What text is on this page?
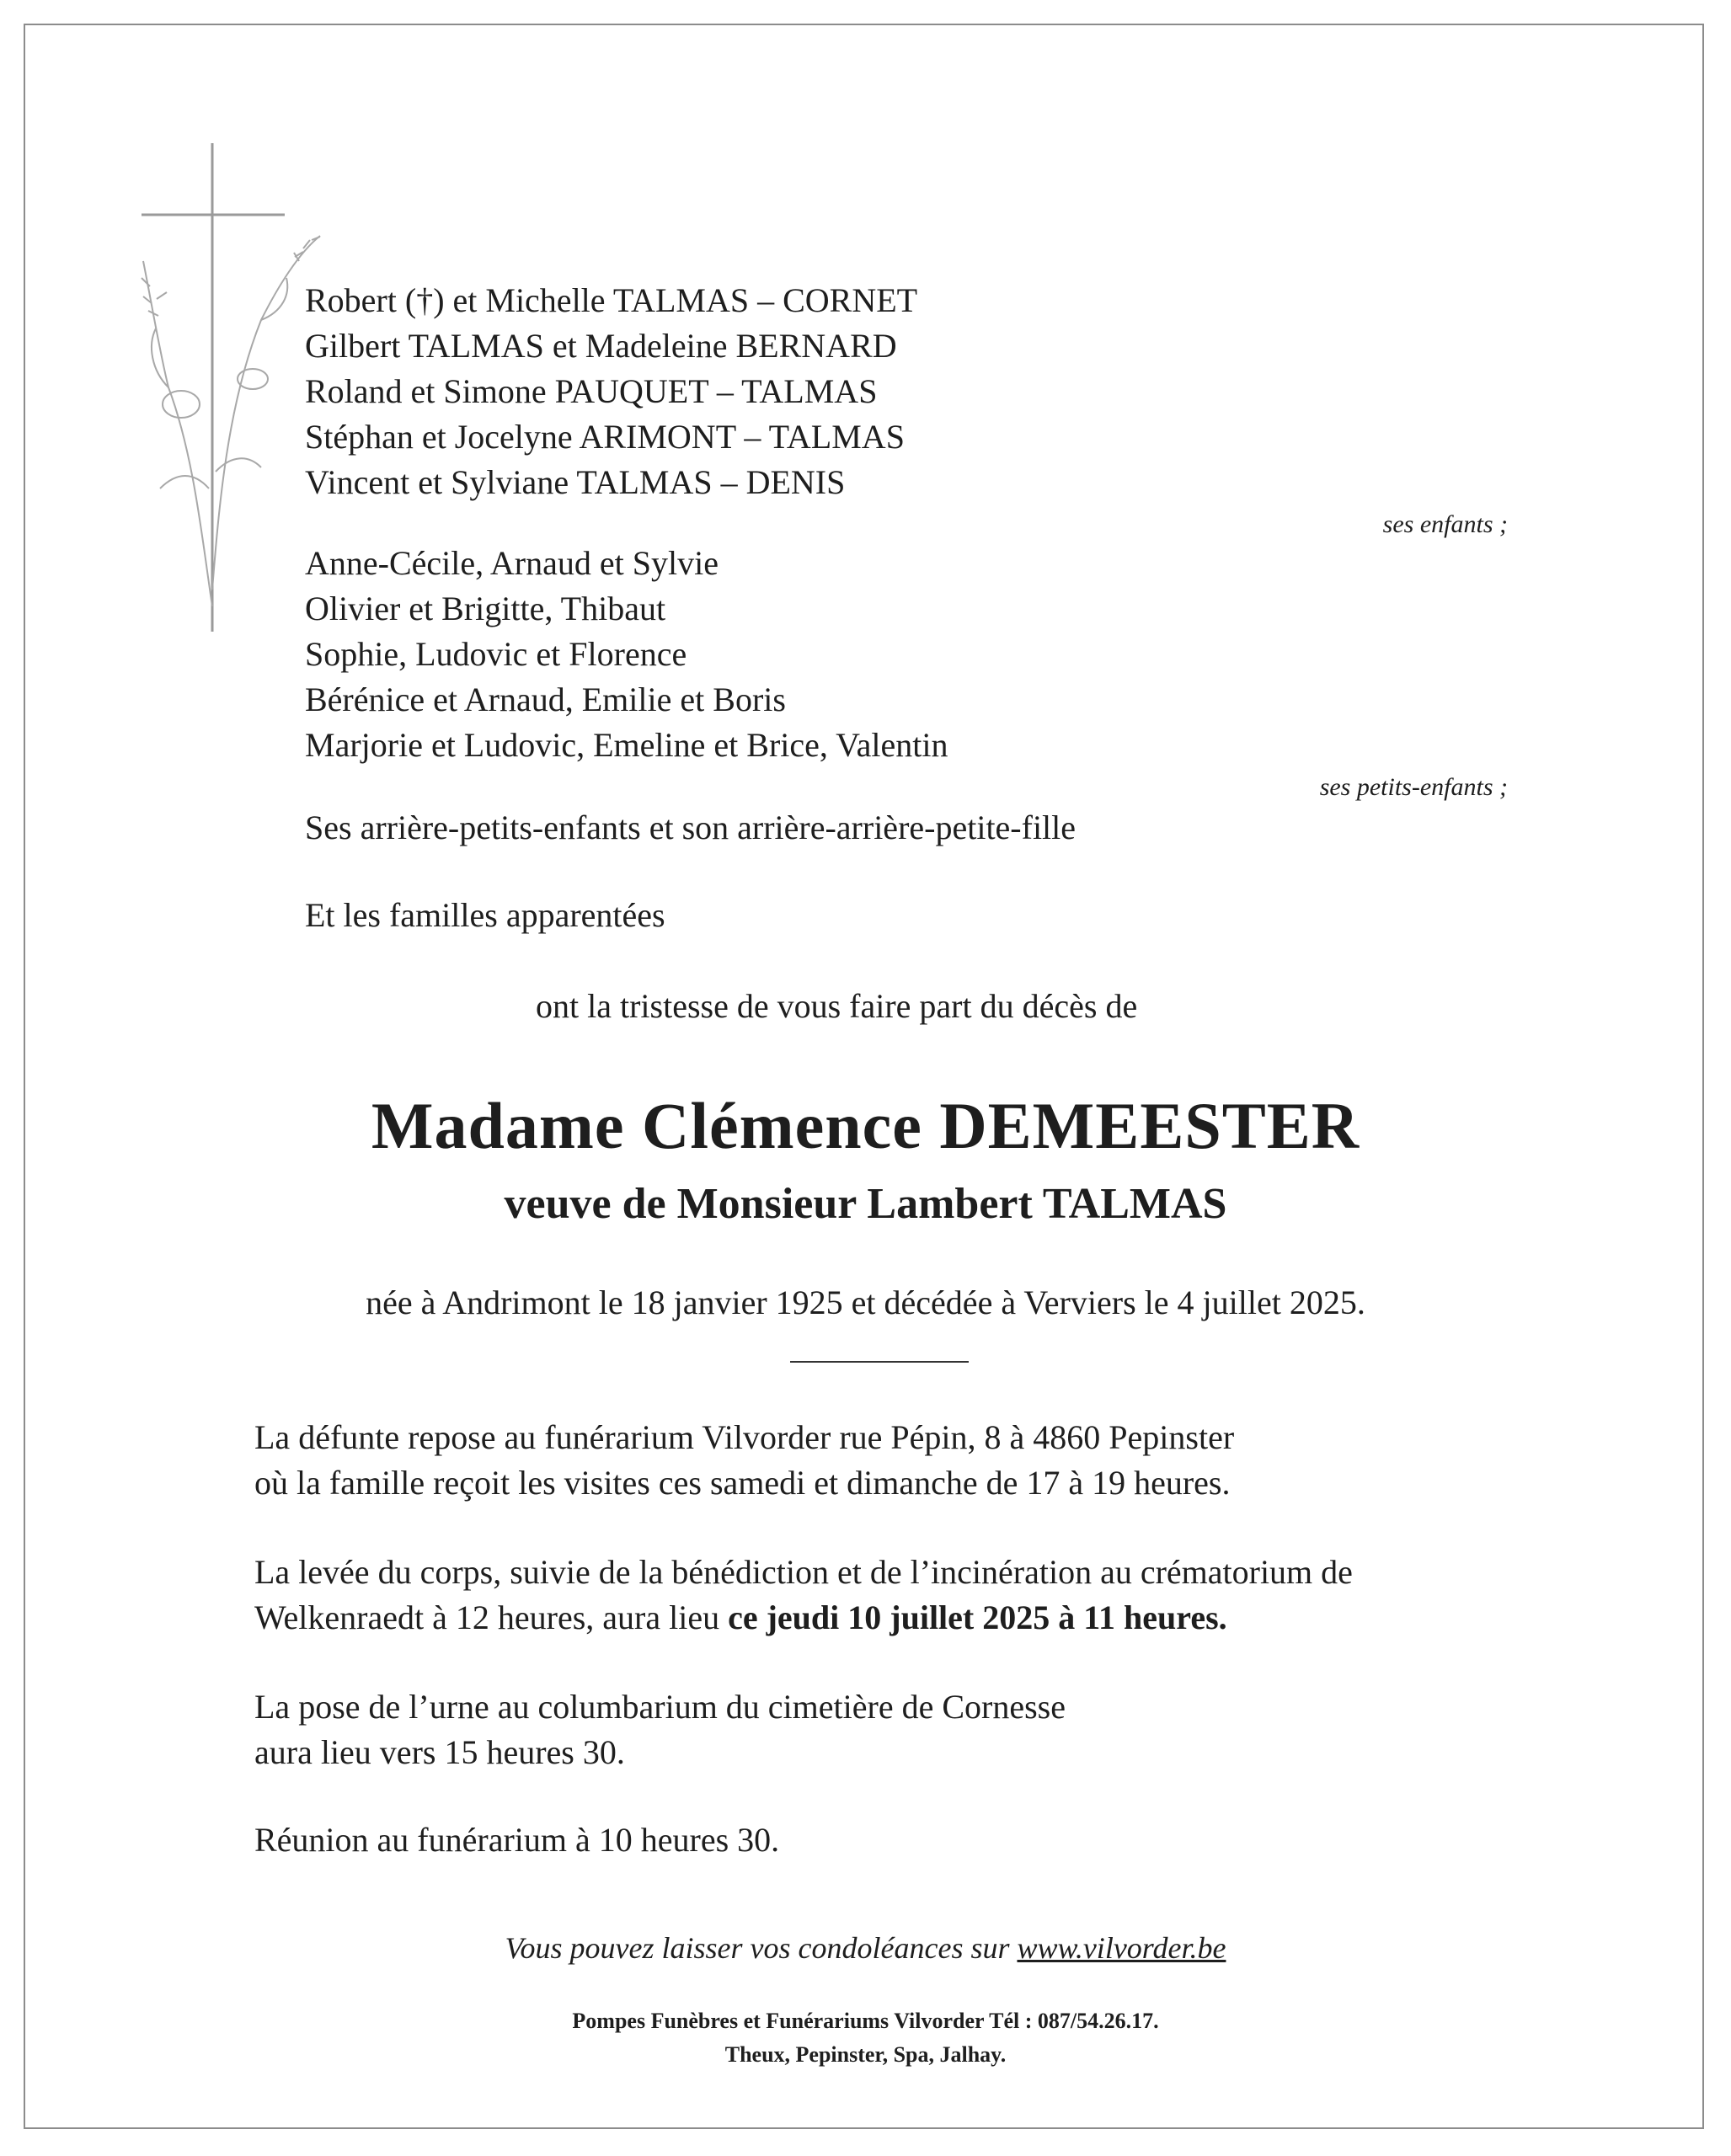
Robert (†) et Michelle TALMAS – CORNET
Gilbert TALMAS et Madeleine BERNARD
Roland et Simone PAUQUET – TALMAS
Stéphan et Jocelyne ARIMONT – TALMAS
Vincent et Sylviane TALMAS – DENIS
ses enfants ;
Anne-Cécile, Arnaud et Sylvie
Olivier et Brigitte, Thibaut
Sophie, Ludovic et Florence
Bérénice et Arnaud, Emilie et Boris
Marjorie et Ludovic, Emeline et Brice, Valentin
ses petits-enfants ;
Ses arrière-petits-enfants et son arrière-arrière-petite-fille
Et les familles apparentées
ont la tristesse de vous faire part du décès de
Madame Clémence DEMEESTER
veuve de Monsieur Lambert TALMAS
née à Andrimont le 18 janvier 1925 et décédée à Verviers le 4 juillet 2025.
La défunte repose au funérarium Vilvorder rue Pépin, 8 à 4860 Pepinster
où la famille reçoit les visites ces samedi et dimanche de 17 à 19 heures.
La levée du corps, suivie de la bénédiction et de l’incinération au crématorium de
Welkenraedt à 12 heures, aura lieu ce jeudi 10 juillet 2025 à 11 heures.
La pose de l’urne au columbarium du cimetière de Cornesse
aura lieu vers 15 heures 30.
Réunion au funérarium à 10 heures 30.
Vous pouvez laisser vos condoléances sur www.vilvorder.be
Pompes Funèbres et Funérariums Vilvorder Tél : 087/54.26.17.
Theux, Pepinster, Spa, Jalhay.
